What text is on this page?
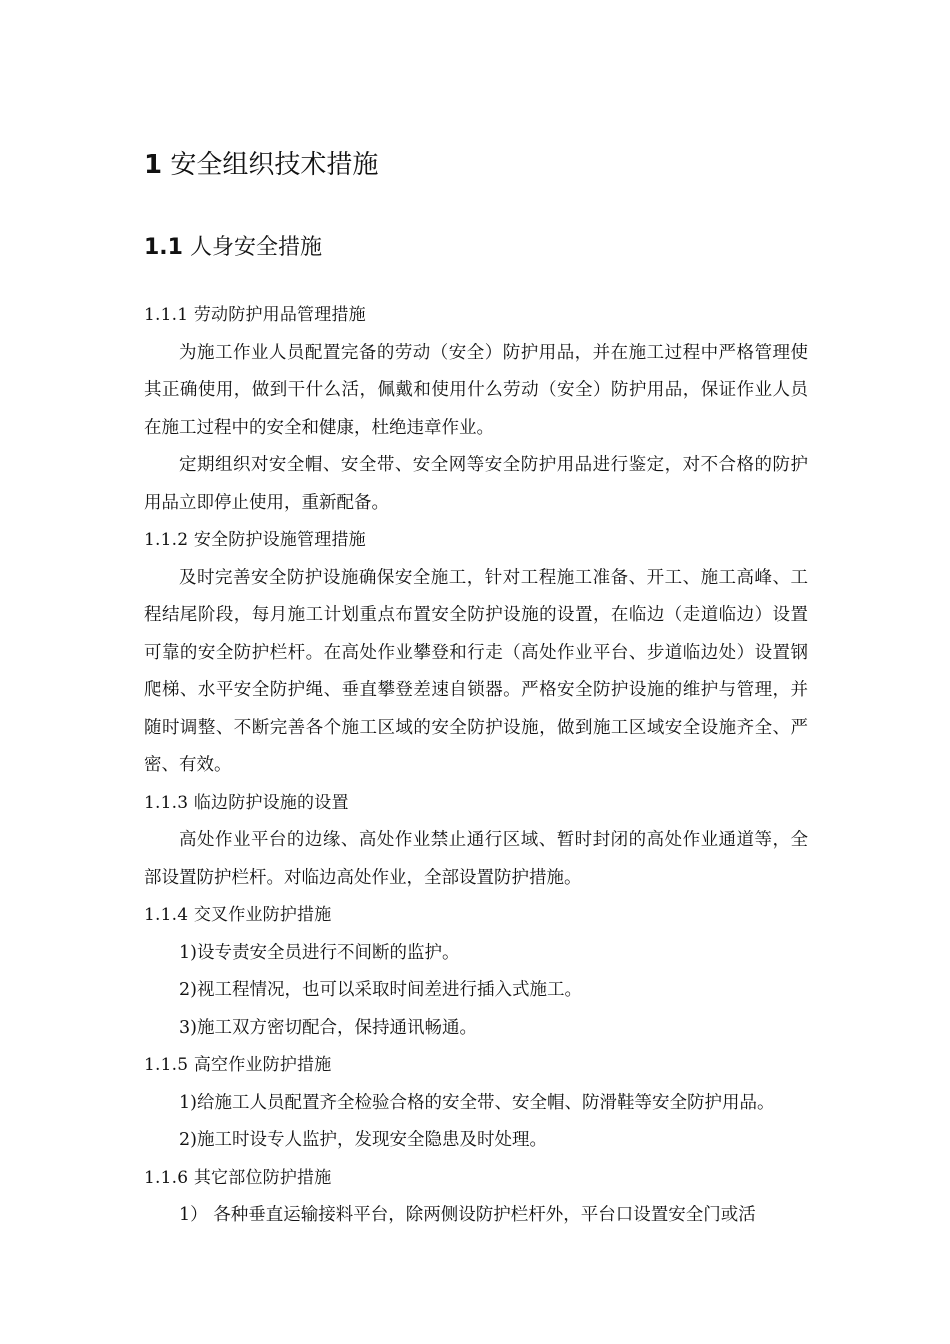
1 安全组织技术措施
1.1 人身安全措施
1.1.1 劳动防护用品管理措施

为施工作业人员配置完备的劳动（安全）防护用品，并在施工过程中严格管理使其正确使用，做到干什么活，佩戴和使用什么劳动（安全）防护用品，保证作业人员在施工过程中的安全和健康，杜绝违章作业。

定期组织对安全帽、安全带、安全网等安全防护用品进行鉴定，对不合格的防护用品立即停止使用，重新配备。

1.1.2 安全防护设施管理措施

及时完善安全防护设施确保安全施工，针对工程施工准备、开工、施工高峰、工程结尾阶段，每月施工计划重点布置安全防护设施的设置，在临边（走道临边）设置可靠的安全防护栏杆。在高处作业攀登和行走（高处作业平台、步道临边处）设置钢爬梯、水平安全防护绳、垂直攀登差速自锁器。严格安全防护设施的维护与管理，并随时调整、不断完善各个施工区域的安全防护设施，做到施工区域安全设施齐全、严密、有效。

1.1.3 临边防护设施的设置

高处作业平台的边缘、高处作业禁止通行区域、暂时封闭的高处作业通道等，全部设置防护栏杆。对临边高处作业，全部设置防护措施。

1.1.4 交叉作业防护措施

1)设专责安全员进行不间断的监护。

2)视工程情况，也可以采取时间差进行插入式施工。

3)施工双方密切配合，保持通讯畅通。

1.1.5 高空作业防护措施

1)给施工人员配置齐全检验合格的安全带、安全帽、防滑鞋等安全防护用品。

2)施工时设专人监护，发现安全隐患及时处理。

1.1.6 其它部位防护措施

1） 各种垂直运输接料平台，除两侧设防护栏杆外，平台口设置安全门或活
